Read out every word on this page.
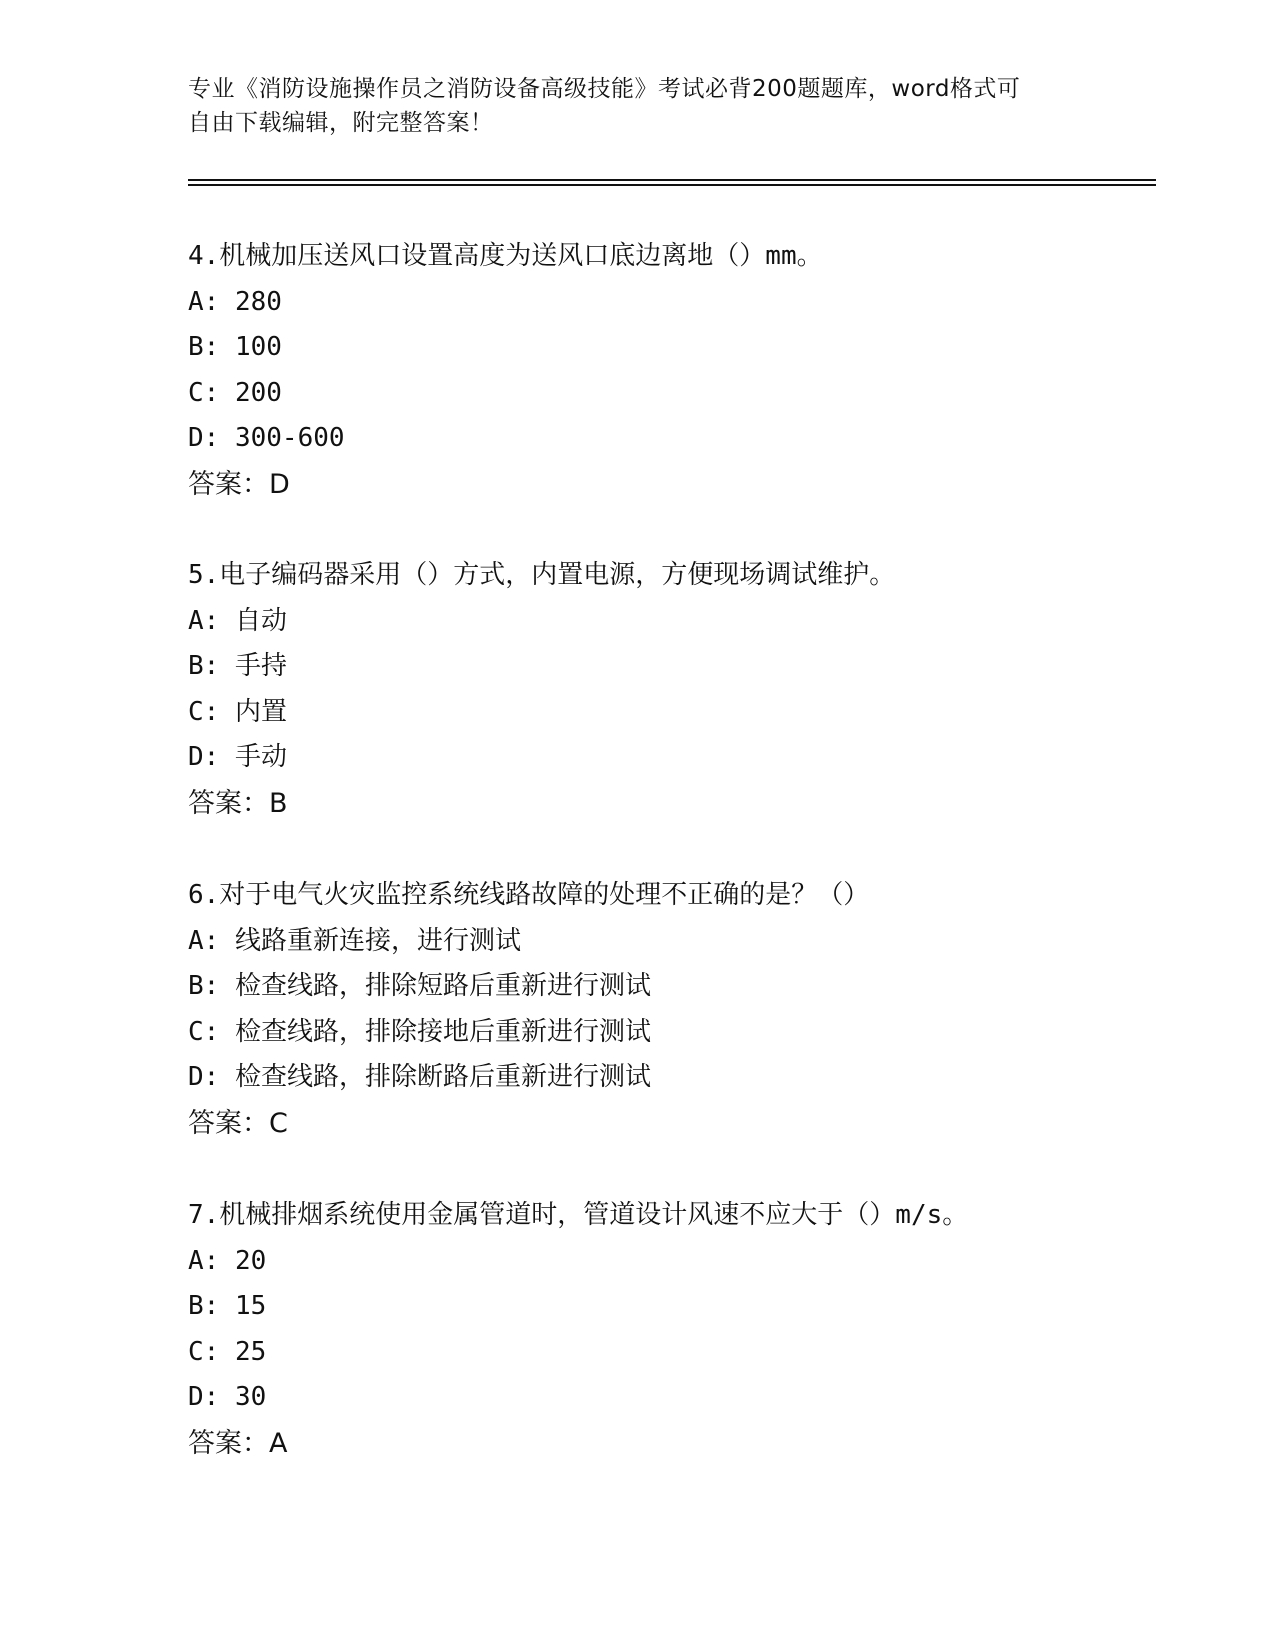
专业《消防设施操作员之消防设备高级技能》考试必背200题题库，word格式可
自由下载编辑，附完整答案！
4.机械加压送风口设置高度为送风口底边离地（）mm。
A: 280
B: 100
C: 200
D: 300-600
答案：D
5.电子编码器采用（）方式，内置电源，方便现场调试维护。
A: 自动
B: 手持
C: 内置
D: 手动
答案：B
6.对于电气火灾监控系统线路故障的处理不正确的是？（）
A: 线路重新连接，进行测试
B: 检查线路，排除短路后重新进行测试
C: 检查线路，排除接地后重新进行测试
D: 检查线路，排除断路后重新进行测试
答案：C
7.机械排烟系统使用金属管道时，管道设计风速不应大于（）m/s。
A: 20
B: 15
C: 25
D: 30
答案：A
